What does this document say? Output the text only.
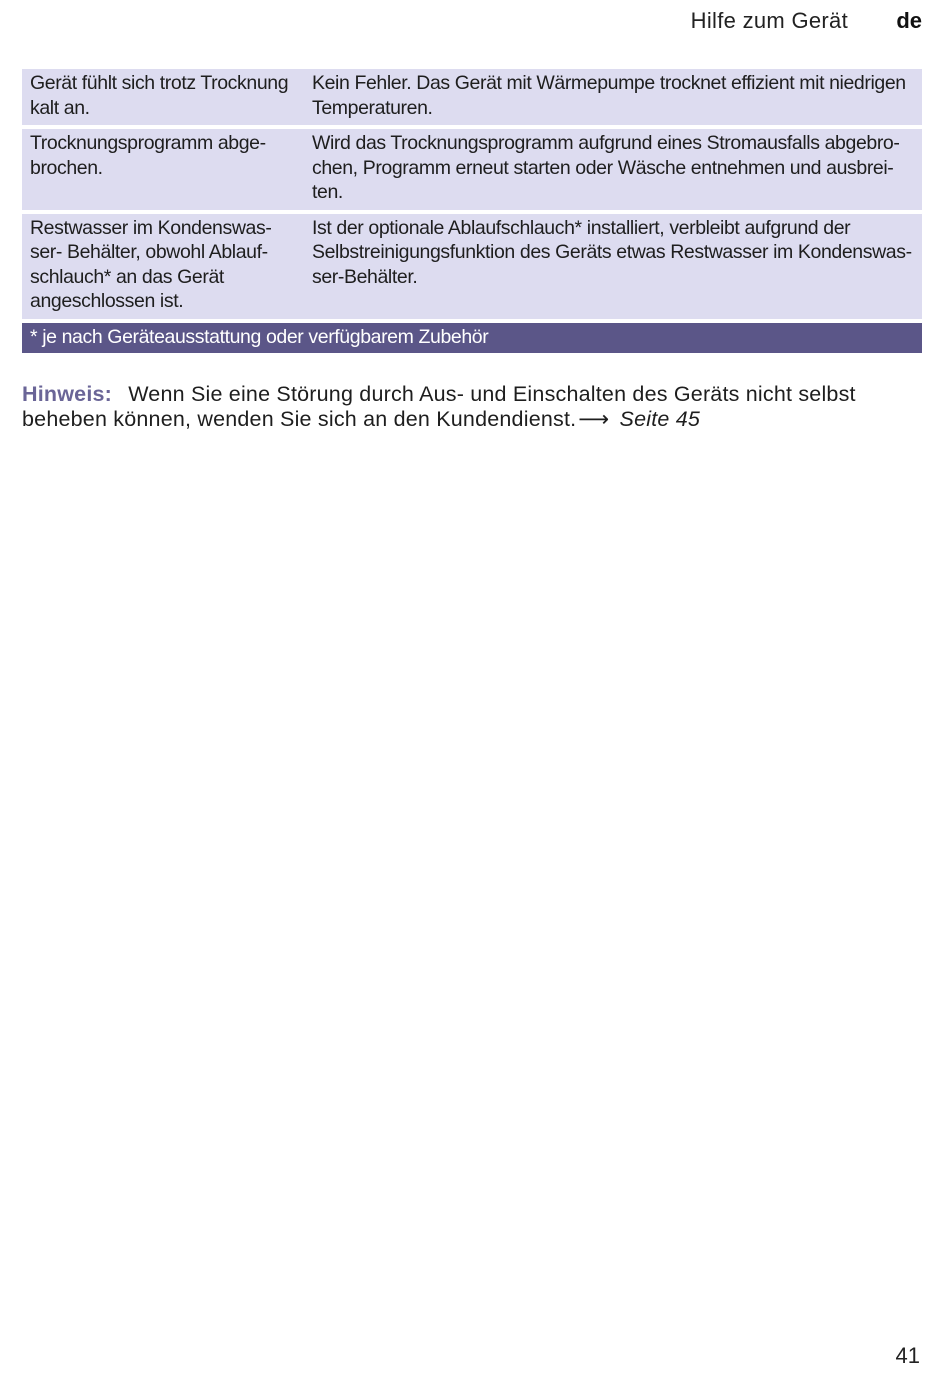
Hilfe zum Gerät de
Gerät fühlt sich trotz Trocknung kalt an.	Kein Fehler. Das Gerät mit Wärmepumpe trocknet effizient mit niedrigen Temperaturen.
Trocknungsprogramm abge-brochen.	Wird das Trocknungsprogramm aufgrund eines Stromausfalls abgebro-chen, Programm erneut starten oder Wäsche entnehmen und ausbrei-ten.
Restwasser im Kondenswas-ser- Behälter, obwohl Ablauf-schlauch* an das Gerät angeschlossen ist.	Ist der optionale Ablaufschlauch* installiert, verbleibt aufgrund der Selbstreinigungsfunktion des Geräts etwas Restwasser im Kondenswas-ser-Behälter.
* je nach Geräteausstattung oder verfügbarem Zubehör	
Hinweis: Wenn Sie eine Störung durch Aus- und Einschalten des Geräts nicht selbst beheben können, wenden Sie sich an den Kundendienst.⟶ Seite 45
41
